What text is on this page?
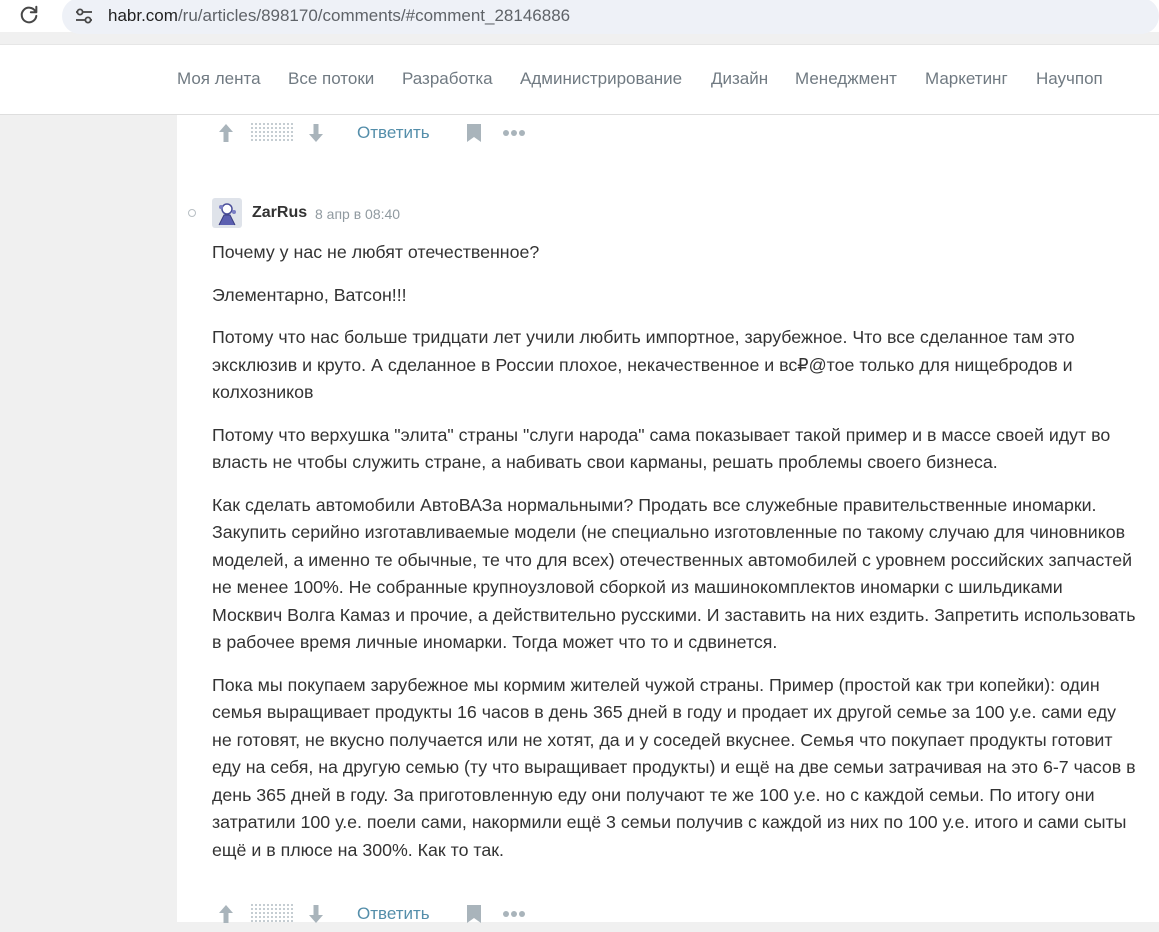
habr.com/ru/articles/898170/comments/#comment_28146886
Моя лента Все потоки Разработка Администрирование Дизайн Менеджмент Маркетинг Научпоп
Ответить
ZarRus 8 апр в 08:40

Почему у нас не любят отечественное?

Элементарно, Ватсон!!!

Потому что нас больше тридцати лет учили любить импортное, зарубежное. Что все сделанное там это эксклюзив и круто. А сделанное в России плохое, некачественное и вс₽@тое только для нищебродов и колхозников

Потому что верхушка "элита" страны "слуги народа" сама показывает такой пример и в массе своей идут во власть не чтобы служить стране, а набивать свои карманы, решать проблемы своего бизнеса.

Как сделать автомобили АвтоВАЗа нормальными? Продать все служебные правительственные иномарки. Закупить серийно изготавливаемые модели (не специально изготовленные по такому случаю для чиновников моделей, а именно те обычные, те что для всех) отечественных автомобилей с уровнем российских запчастей не менее 100%. Не собранные крупноузловой сборкой из машинокомплектов иномарки с шильдиками Москвич Волга Камаз и прочие, а действительно русскими. И заставить на них ездить. Запретить использовать в рабочее время личные иномарки. Тогда может что то и сдвинется.

Пока мы покупаем зарубежное мы кормим жителей чужой страны. Пример (простой как три копейки): один семья выращивает продукты 16 часов в день 365 дней в году и продает их другой семье за 100 у.е. сами еду не готовят, не вкусно получается или не хотят, да и у соседей вкуснее. Семья что покупает продукты готовит еду на себя, на другую семью (ту что выращивает продукты) и ещё на две семьи затрачивая на это 6-7 часов в день 365 дней в году. За приготовленную еду они получают те же 100 у.е. но с каждой семьи. По итогу они затратили 100 у.е. поели сами, накормили ещё 3 семьи получив с каждой из них по 100 у.е. итого и сами сыты ещё и в плюсе на 300%. Как то так.

Ответить
